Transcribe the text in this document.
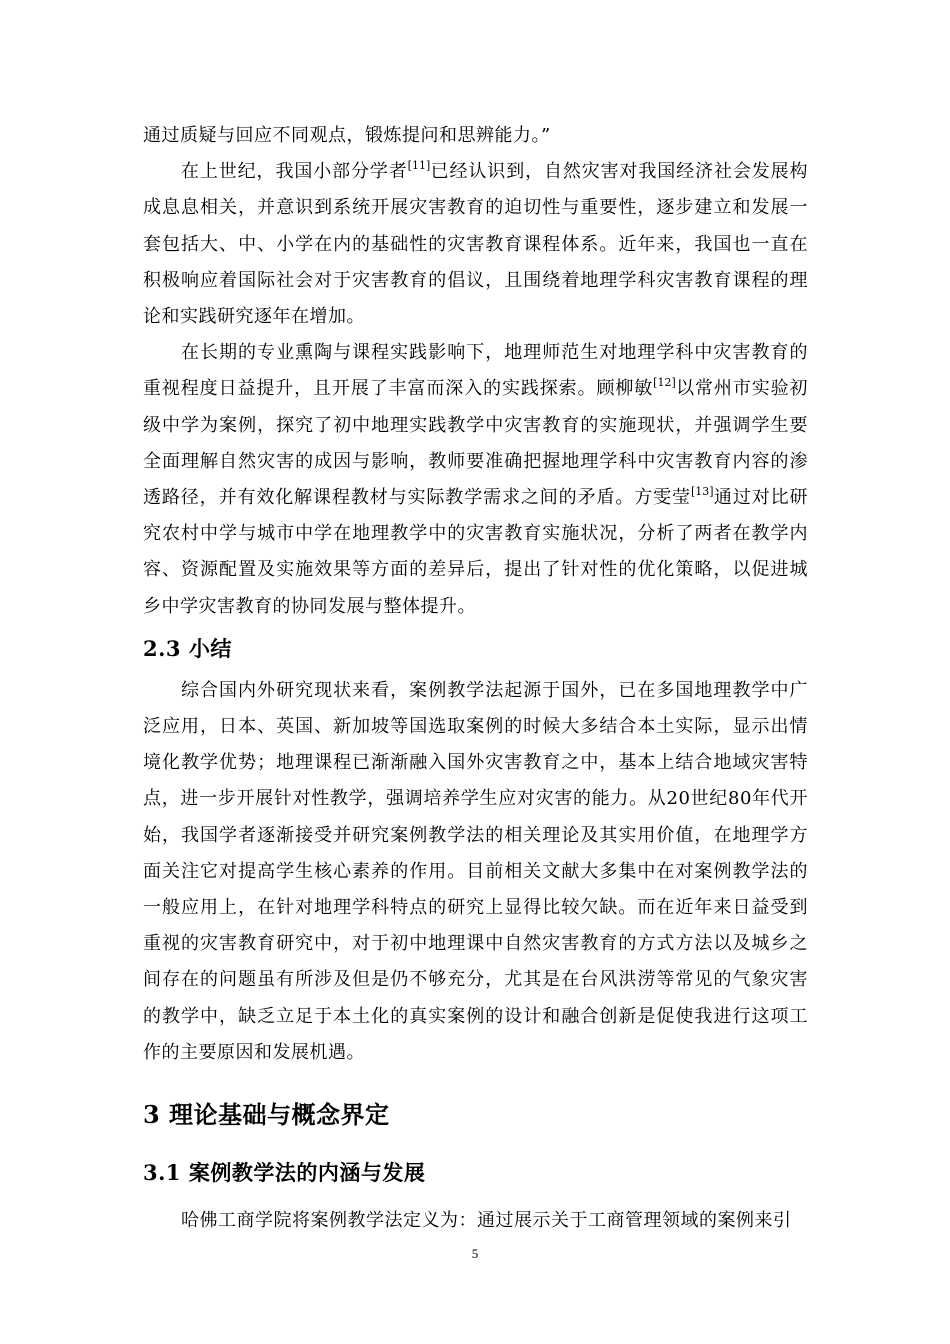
通过质疑与回应不同观点，锻炼提问和思辨能力。”

在上世纪，我国小部分学者[11]已经认识到，自然灾害对我国经济社会发展构成息息相关，并意识到系统开展灾害教育的迫切性与重要性，逐步建立和发展一套包括大、中、小学在内的基础性的灾害教育课程体系。近年来，我国也一直在积极响应着国际社会对于灾害教育的倡议，且围绕着地理学科灾害教育课程的理论和实践研究逐年在增加。

在长期的专业熏陶与课程实践影响下，地理师范生对地理学科中灾害教育的重视程度日益提升，且开展了丰富而深入的实践探索。顾柳敏[12]以常州市实验初级中学为案例，探究了初中地理实践教学中灾害教育的实施现状，并强调学生要全面理解自然灾害的成因与影响，教师要准确把握地理学科中灾害教育内容的渗透路径，并有效化解课程教材与实际教学需求之间的矛盾。方雯莹[13]通过对比研究农村中学与城市中学在地理教学中的灾害教育实施状况，分析了两者在教学内容、资源配置及实施效果等方面的差异后，提出了针对性的优化策略，以促进城乡中学灾害教育的协同发展与整体提升。

2.3 小结

综合国内外研究现状来看，案例教学法起源于国外，已在多国地理教学中广泛应用，日本、英国、新加坡等国选取案例的时候大多结合本土实际，显示出情境化教学优势；地理课程已渐渐融入国外灾害教育之中，基本上结合地域灾害特点，进一步开展针对性教学，强调培养学生应对灾害的能力。从20世纪80年代开始，我国学者逐渐接受并研究案例教学法的相关理论及其实用价值，在地理学方面关注它对提高学生核心素养的作用。目前相关文献大多集中在对案例教学法的一般应用上，在针对地理学科特点的研究上显得比较欠缺。而在近年来日益受到重视的灾害教育研究中，对于初中地理课中自然灾害教育的方式方法以及城乡之间存在的问题虽有所涉及但是仍不够充分，尤其是在台风洪涝等常见的气象灾害的教学中，缺乏立足于本土化的真实案例的设计和融合创新是促使我进行这项工作的主要原因和发展机遇。

3 理论基础与概念界定
3.1 案例教学法的内涵与发展

哈佛工商学院将案例教学法定义为：通过展示关于工商管理领域的案例来引

5
